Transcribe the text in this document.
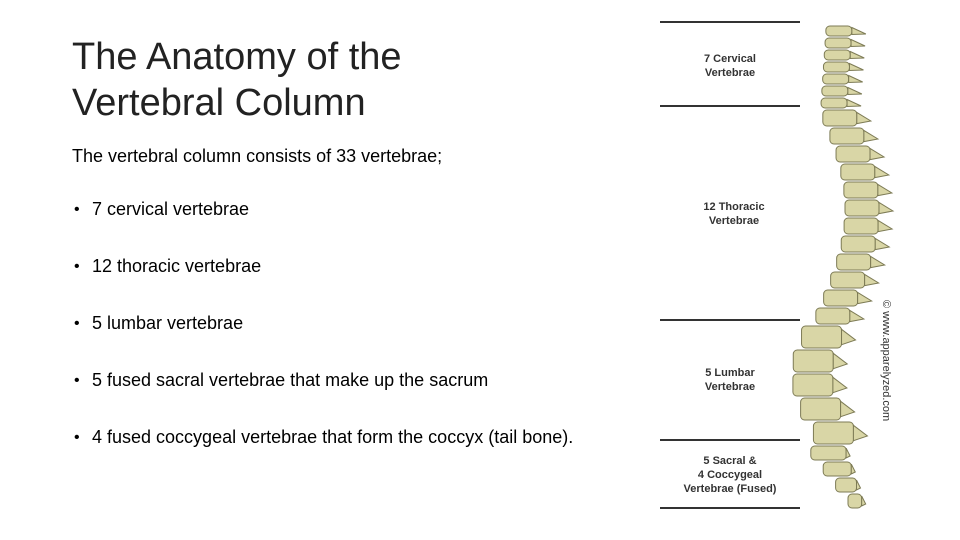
The Anatomy of the
Vertebral Column

The vertebral column consists of 33 vertebrae;

• 7 cervical vertebrae
• 12 thoracic vertebrae
• 5 lumbar vertebrae
• 5 fused sacral vertebrae that make up the sacrum
• 4 fused coccygeal vertebrae that form the coccyx (tail bone).
7 Cervical
Vertebrae
12 Thoracic
Vertebrae
5 Lumbar
Vertebrae
5 Sacral &
4 Coccygeal
Vertebrae (Fused)
© www.apparelyzed.com
